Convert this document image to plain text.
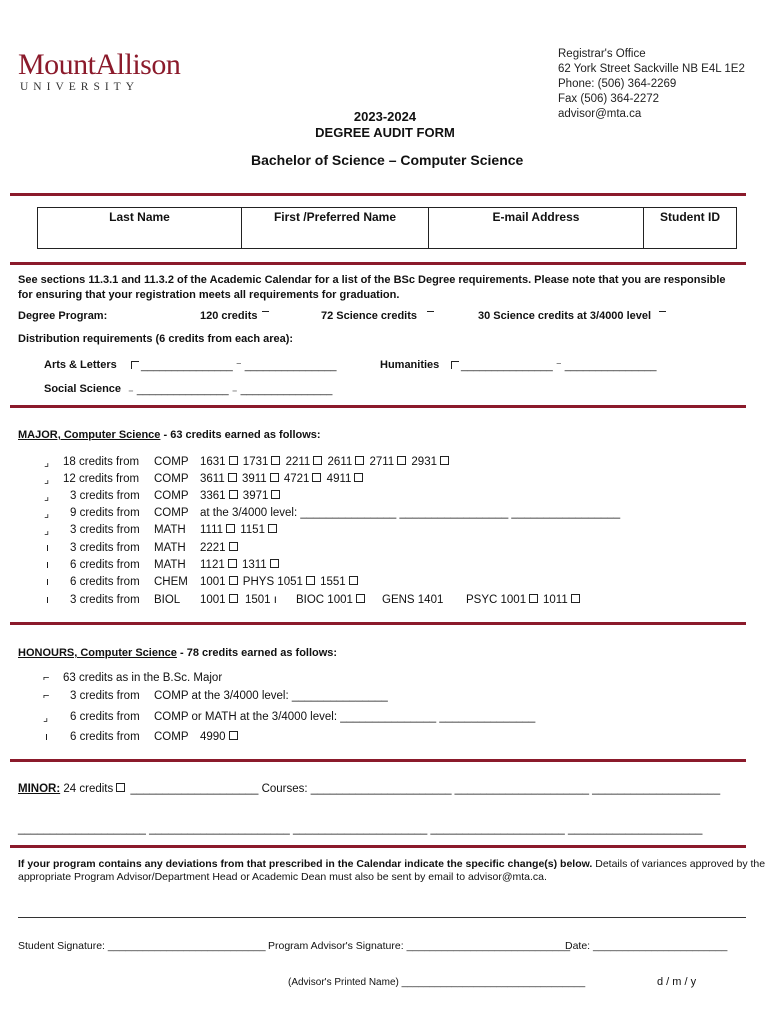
MountAllison
UNIVERSITY
Registrar's Office
62 York Street Sackville NB E4L 1E2
Phone: (506) 364-2269
Fax (506) 364-2272
advisor@mta.ca
2023-2024
DEGREE AUDIT FORM
Bachelor of Science – Computer Science
Last Name	First /Preferred Name	E-mail Address	Student ID
See sections 11.3.1 and 11.3.2 of the Academic Calendar for a list of the BSc Degree requirements. Please note that you are responsible
for ensuring that your registration meets all requirements for graduation.
Degree Program:	120 credits	72 Science credits	30 Science credits at 3/4000 level
Distribution requirements (6 credits from each area):
Arts & Letters	_______________ ⁻ _______________	Humanities	_______________ ⁻ _______________
Social Science ₋ _______________ ₋ _______________
MAJOR, Computer Science - 63 credits earned as follows:
⌟ 18 credits from COMP 1631 1731 2211 2611 2711 2931
⌟ 12 credits from COMP 3611 3911 4721 4911
⌟ 3 credits from COMP 3361 3971
⌟ 9 credits from COMP at the 3/4000 level: _______________ _________________ _________________
⌟ 3 credits from MATH 1111 1151
ı 3 credits from MATH 2221
ı 6 credits from MATH 1121 1311
ı 6 credits from CHEM 1001 PHYS 1051 1551
ı 3 credits from BIOL 1001	1501 ı BIOC 1001	GENS 1401 PSYC 1001	1011
HONOURS, Computer Science - 78 credits earned as follows:
⌐ 63 credits as in the B.Sc. Major
⌐ 3 credits from COMP at the 3/4000 level: _______________
⌟ 6 credits from COMP or MATH at the 3/4000 level: _______________ _______________
ı 6 credits from COMP 4990
MINOR: 24 credits ____________________ Courses: ______________________ _____________________ ____________________
____________________ ______________________ _____________________ _____________________ _____________________
If your program contains any deviations from that prescribed in the Calendar indicate the specific change(s) below. Details of variances approved by the
appropriate Program Advisor/Department Head or Academic Dean must also be sent by email to advisor@mta.ca.
Student Signature: ___________________________ Program Advisor's Signature: ____________________________
Date: _______________________
(Advisor's Printed Name) _________________________________	d / m / y
